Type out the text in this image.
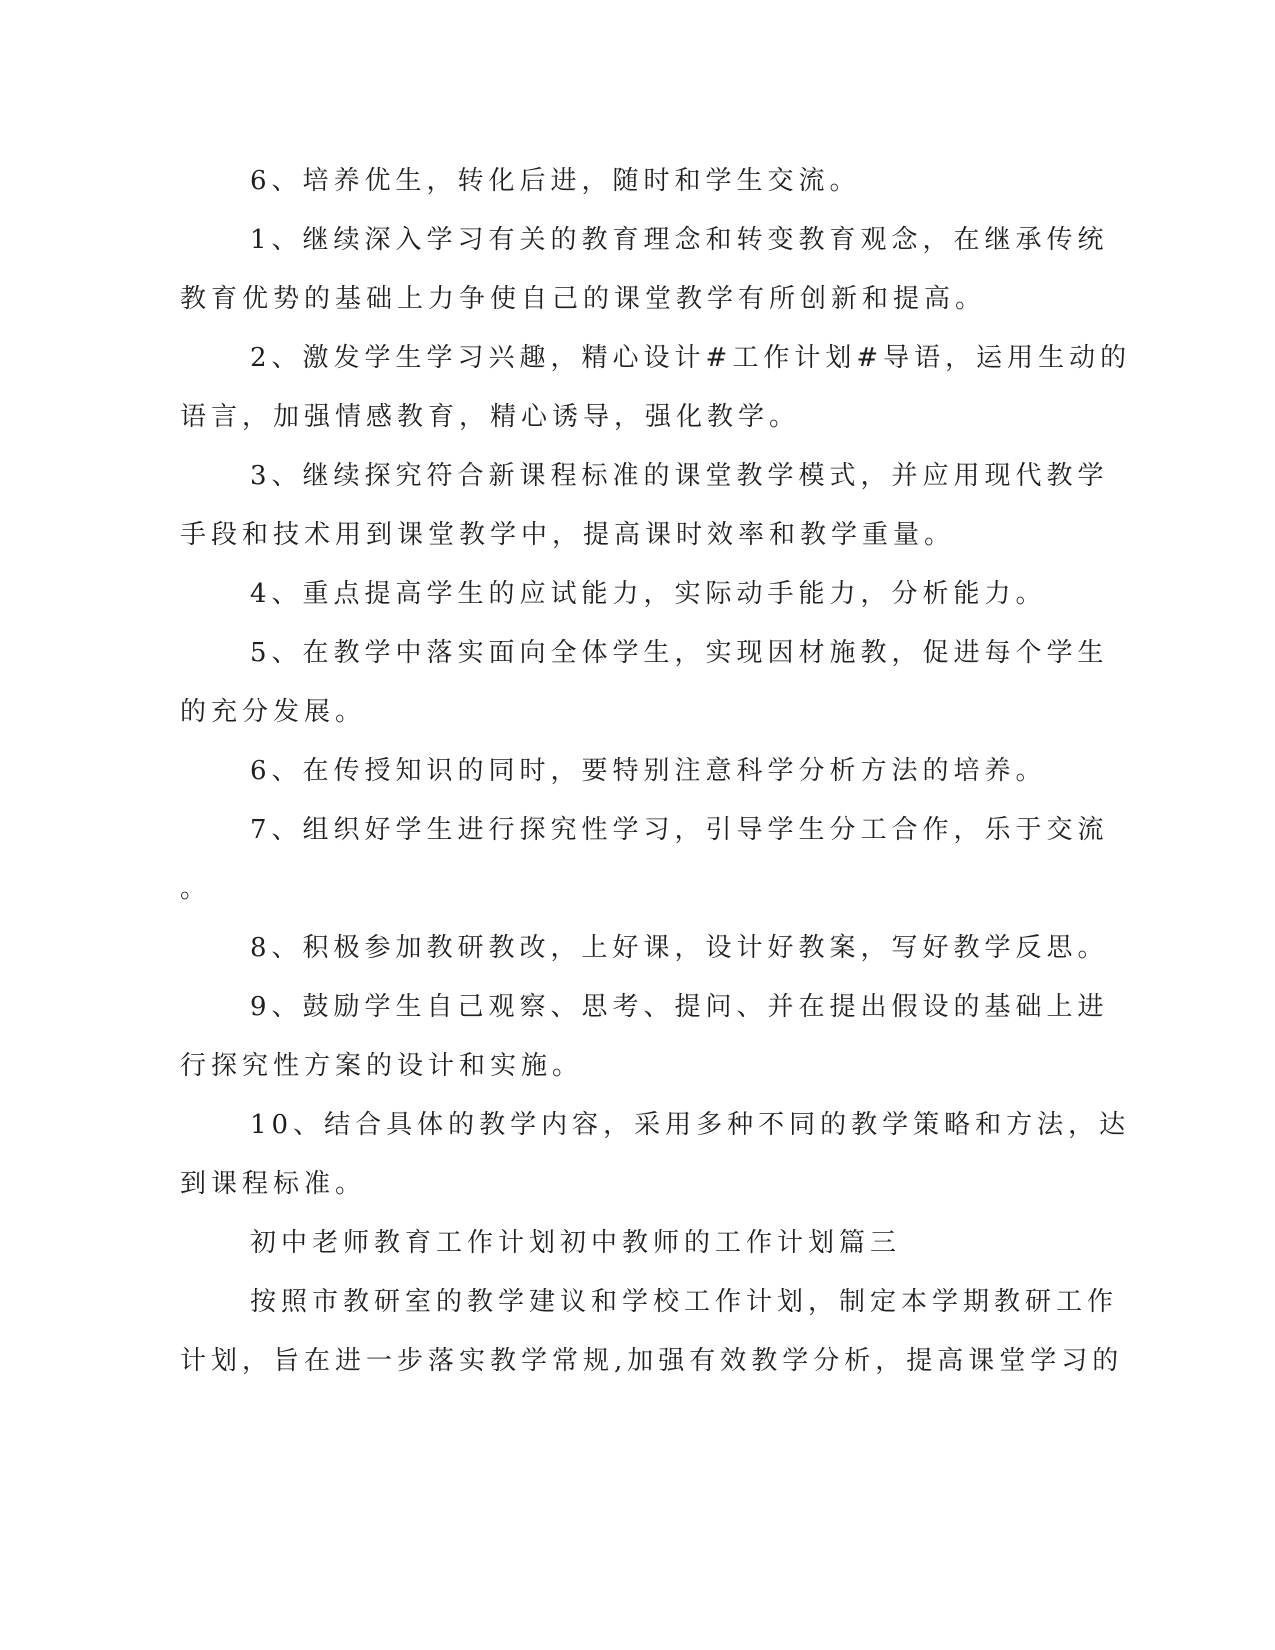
6、培养优生，转化后进，随时和学生交流。
1、继续深入学习有关的教育理念和转变教育观念，在继承传统
教育优势的基础上力争使自己的课堂教学有所创新和提高。
2、激发学生学习兴趣，精心设计#工作计划#导语，运用生动的
语言，加强情感教育，精心诱导，强化教学。
3、继续探究符合新课程标准的课堂教学模式，并应用现代教学
手段和技术用到课堂教学中，提高课时效率和教学重量。
4、重点提高学生的应试能力，实际动手能力，分析能力。
5、在教学中落实面向全体学生，实现因材施教，促进每个学生
的充分发展。
6、在传授知识的同时，要特别注意科学分析方法的培养。
7、组织好学生进行探究性学习，引导学生分工合作，乐于交流
。
8、积极参加教研教改，上好课，设计好教案，写好教学反思。
9、鼓励学生自己观察、思考、提问、并在提出假设的基础上进
行探究性方案的设计和实施。
10、结合具体的教学内容，采用多种不同的教学策略和方法，达
到课程标准。
初中老师教育工作计划初中教师的工作计划篇三
按照市教研室的教学建议和学校工作计划，制定本学期教研工作
计划，旨在进一步落实教学常规,加强有效教学分析，提高课堂学习的
